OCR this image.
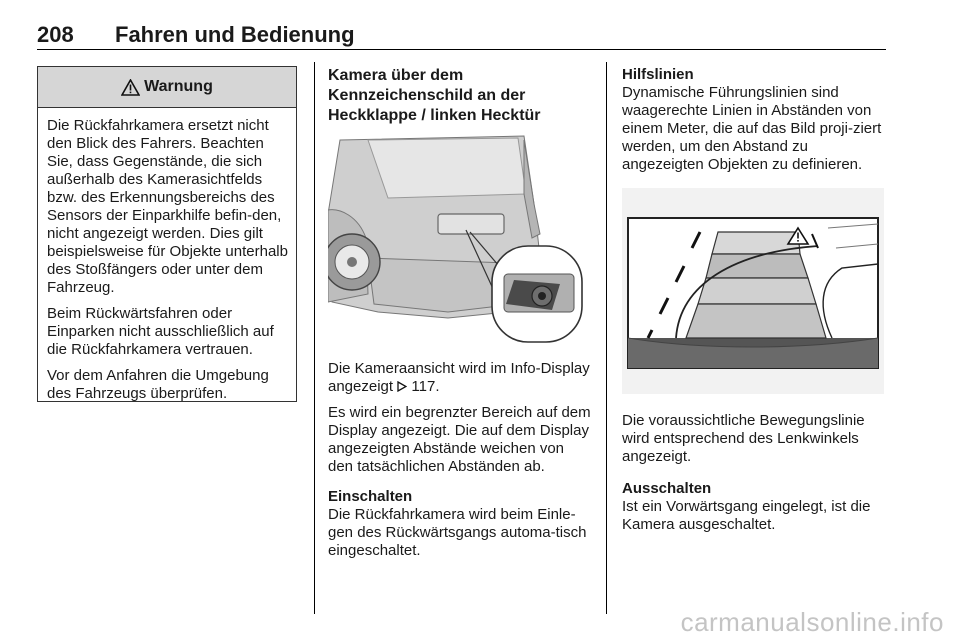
208 Fahren und Bedienung
Warnung

Die Rückfahrkamera ersetzt nicht den Blick des Fahrers. Beachten Sie, dass Gegenstände, die sich außerhalb des Kamerasichtfelds bzw. des Erkennungsbereichs des Sensors der Einparkhilfe befin-den, nicht angezeigt werden. Dies gilt beispielsweise für Objekte unterhalb des Stoßfängers oder unter dem Fahrzeug.

Beim Rückwärtsfahren oder Einparken nicht ausschließlich auf die Rückfahrkamera vertrauen.

Vor dem Anfahren die Umgebung des Fahrzeugs überprüfen.

Kamera über dem Kennzeichenschild an der Heckklappe / linken Hecktür

Die Kameraansicht wird im Info-Display angezeigt 117.

Es wird ein begrenzter Bereich auf dem Display angezeigt. Die auf dem Display angezeigten Abstände weichen von den tatsächlichen Abständen ab.

Einschalten

Die Rückfahrkamera wird beim Einle-gen des Rückwärtsgangs automa-tisch eingeschaltet.

Hilfslinien

Dynamische Führungslinien sind waagerechte Linien in Abständen von einem Meter, die auf das Bild proji-ziert werden, um den Abstand zu angezeigten Objekten zu definieren.

Die voraussichtliche Bewegungslinie wird entsprechend des Lenkwinkels angezeigt.

Ausschalten

Ist ein Vorwärtsgang eingelegt, ist die Kamera ausgeschaltet.

carmanualsonline.info
